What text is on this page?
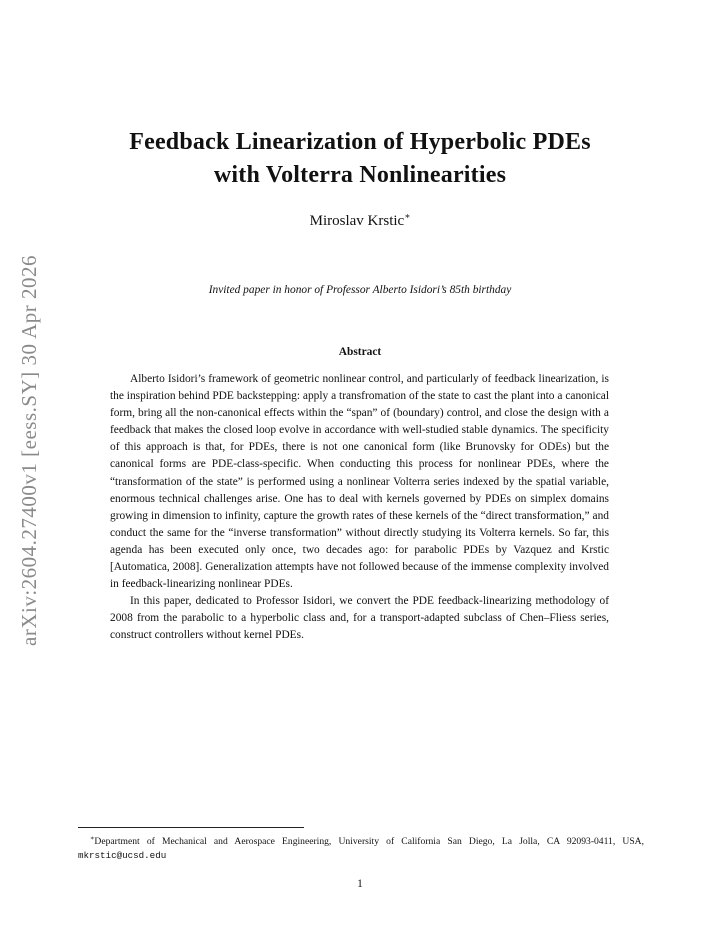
arXiv:2604.27400v1 [eess.SY] 30 Apr 2026
Feedback Linearization of Hyperbolic PDEs
with Volterra Nonlinearities
Miroslav Krstic∗
Invited paper in honor of Professor Alberto Isidori’s 85th birthday
Abstract

Alberto Isidori’s framework of geometric nonlinear control, and particularly of feedback linearization, is the inspiration behind PDE backstepping: apply a transfromation of the state to cast the plant into a canonical form, bring all the non-canonical effects within the “span” of (boundary) control, and close the design with a feedback that makes the closed loop evolve in accordance with well-studied stable dynamics. The specificity of this approach is that, for PDEs, there is not one canonical form (like Brunovsky for ODEs) but the canonical forms are PDE-class-specific. When conducting this process for nonlinear PDEs, where the “transformation of the state” is performed using a nonlinear Volterra series indexed by the spatial variable, enormous technical challenges arise. One has to deal with kernels governed by PDEs on simplex domains growing in dimension to infinity, capture the growth rates of these kernels of the “direct transformation,” and conduct the same for the “inverse transformation” without directly studying its Volterra kernels. So far, this agenda has been executed only once, two decades ago: for parabolic PDEs by Vazquez and Krstic [Automatica, 2008]. Generalization attempts have not followed because of the immense complexity involved in feedback-linearizing nonlinear PDEs.

In this paper, dedicated to Professor Isidori, we convert the PDE feedback-linearizing methodology of 2008 from the parabolic to a hyperbolic class and, for a transport-adapted subclass of Chen–Fliess series, construct controllers without kernel PDEs.

∗Department of Mechanical and Aerospace Engineering, University of California San Diego, La Jolla, CA 92093-0411, USA, mkrstic@ucsd.edu

1
